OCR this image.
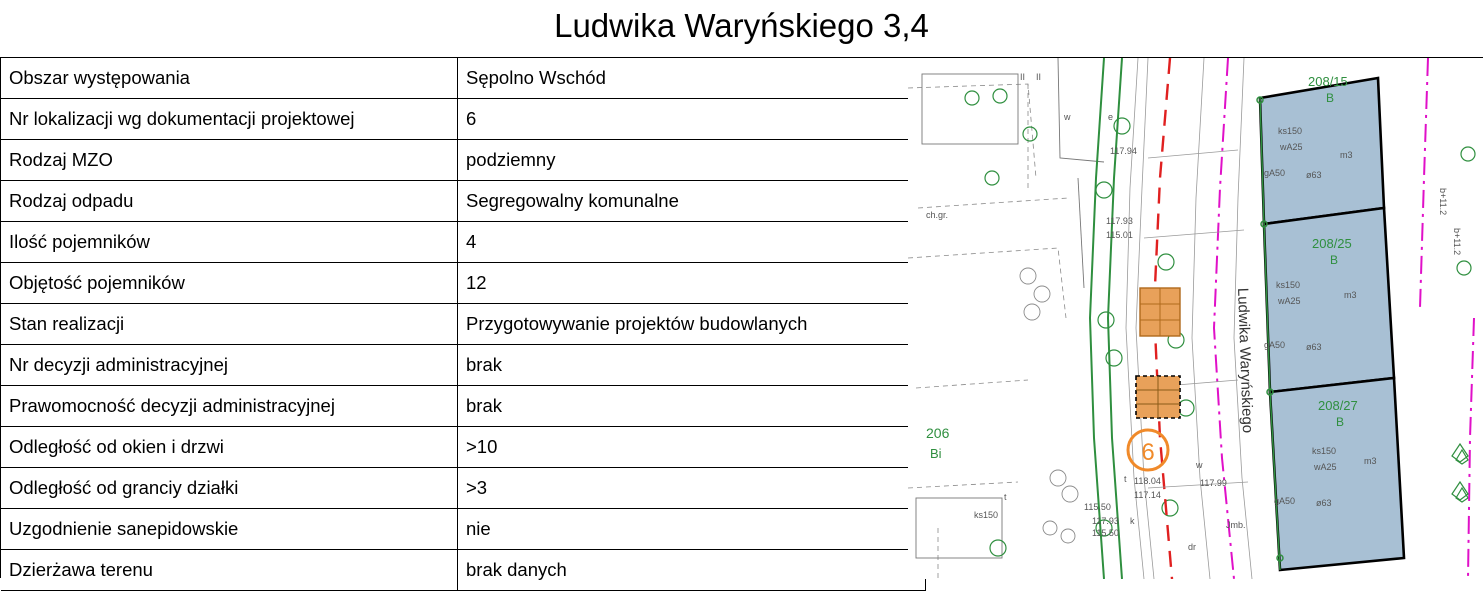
Ludwika Waryńskiego 3,4
Obszar występowania	Sępolno Wschód
Nr lokalizacji wg dokumentacji projektowej	6
Rodzaj MZO	podziemny
Rodzaj odpadu	Segregowalny komunalne
Ilość pojemników	4
Objętość pojemników	12
Stan realizacji	Przygotowywanie projektów budowlanych
Nr decyzji administracyjnej	brak
Prawomocność decyzji administracyjnej	brak
Odległość od okien i drzwi	>10
Odległość od granciy działki	>3
Uzgodnienie sanepidowskie	nie
Dzierżawa terenu	brak danych
208/15
B
208/25
B
208/27
B
206
Bi
ks150
wA25
m3
ks150
wA25
m3
ks150
wA25
m3
gA50 ø63
gA50 ø63
gA50 ø63
117.94
117.93
115.01
118.04
117.14
117.99
115.50
117.93
115.50
ks150
ch.gr.
t
t
k
w
Jmb.
dr
II II
w	e
Ludwika Waryńskiego
6
b+11.2
b+11.2
